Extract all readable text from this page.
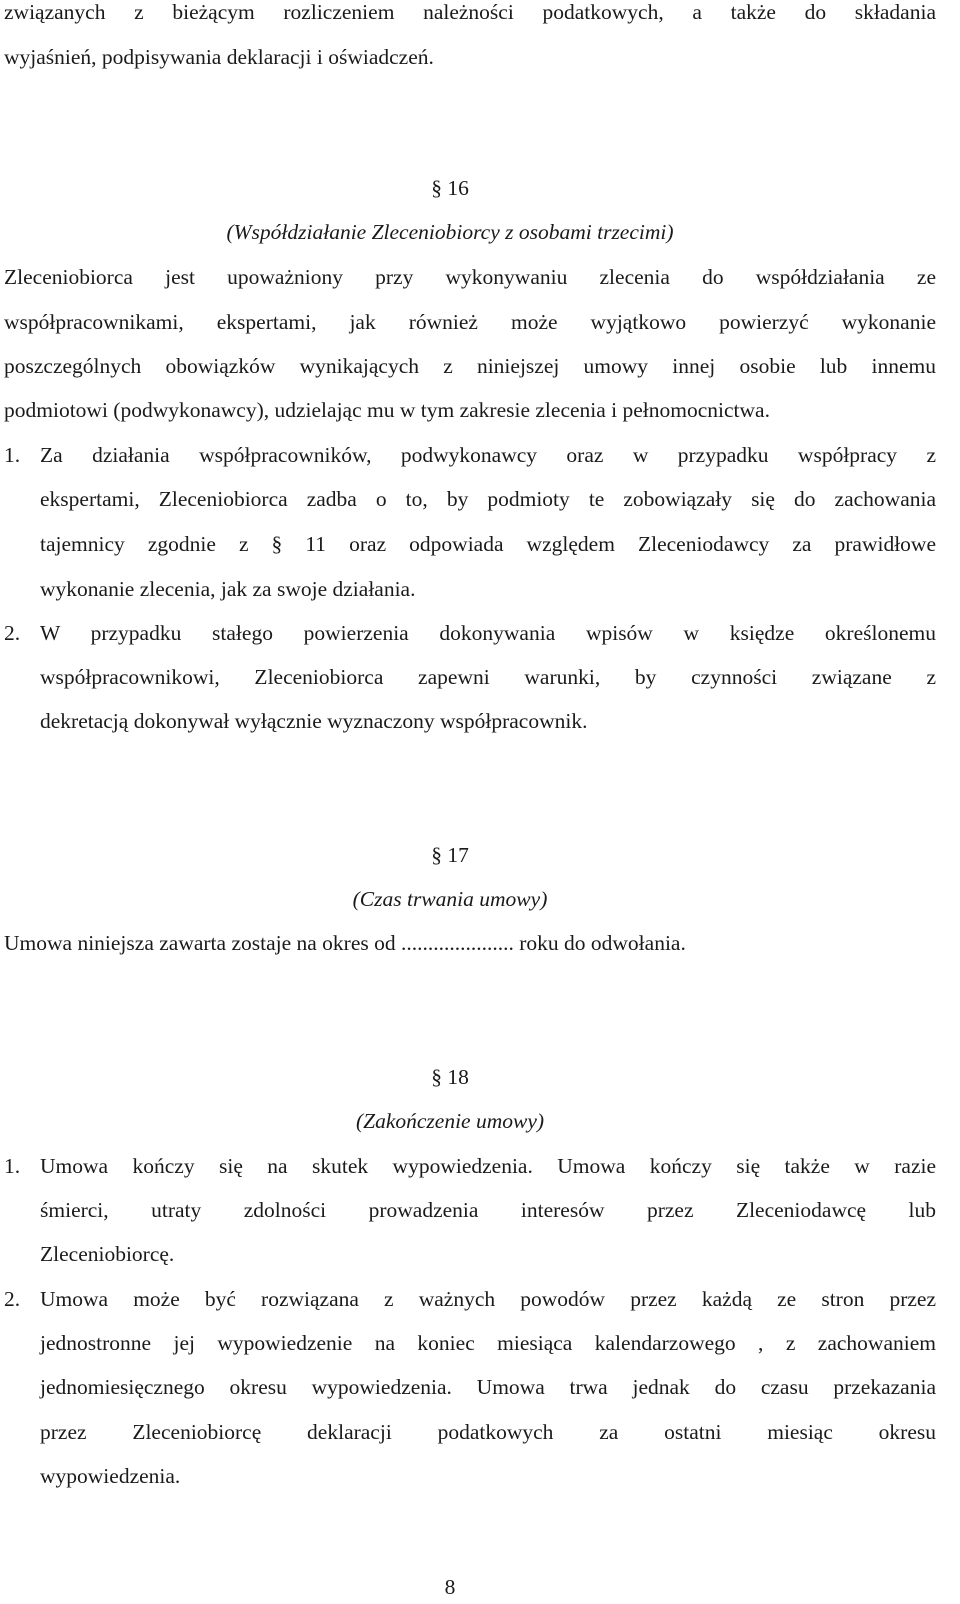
związanych z bieżącym rozliczeniem należności podatkowych, a także do składania
wyjaśnień, podpisywania deklaracji i oświadczeń.
§ 16
(Współdziałanie Zleceniobiorcy z osobami trzecimi)
Zleceniobiorca jest upoważniony przy wykonywaniu zlecenia do współdziałania ze
współpracownikami, ekspertami, jak również może wyjątkowo powierzyć wykonanie
poszczególnych obowiązków wynikających z niniejszej umowy innej osobie lub innemu
podmiotowi (podwykonawcy), udzielając mu w tym zakresie zlecenia i pełnomocnictwa.
1. Za działania współpracowników, podwykonawcy oraz w przypadku współpracy z
ekspertami, Zleceniobiorca zadba o to, by podmioty te zobowiązały się do zachowania
tajemnicy zgodnie z § 11 oraz odpowiada względem Zleceniodawcy za prawidłowe
wykonanie zlecenia, jak za swoje działania.
2. W przypadku stałego powierzenia dokonywania wpisów w księdze określonemu
współpracownikowi, Zleceniobiorca zapewni warunki, by czynności związane z
dekretacją dokonywał wyłącznie wyznaczony współpracownik.
§ 17
(Czas trwania umowy)
Umowa niniejsza zawarta zostaje na okres od ..................... roku do odwołania.
§ 18
(Zakończenie umowy)
1. Umowa kończy się na skutek wypowiedzenia. Umowa kończy się także w razie
śmierci, utraty zdolności prowadzenia interesów przez Zleceniodawcę lub
Zleceniobiorcę.
2. Umowa może być rozwiązana z ważnych powodów przez każdą ze stron przez
jednostronne jej wypowiedzenie na koniec miesiąca kalendarzowego , z zachowaniem
jednomiesięcznego okresu wypowiedzenia. Umowa trwa jednak do czasu przekazania
przez Zleceniobiorcę deklaracji podatkowych za ostatni miesiąc okresu
wypowiedzenia.
8
